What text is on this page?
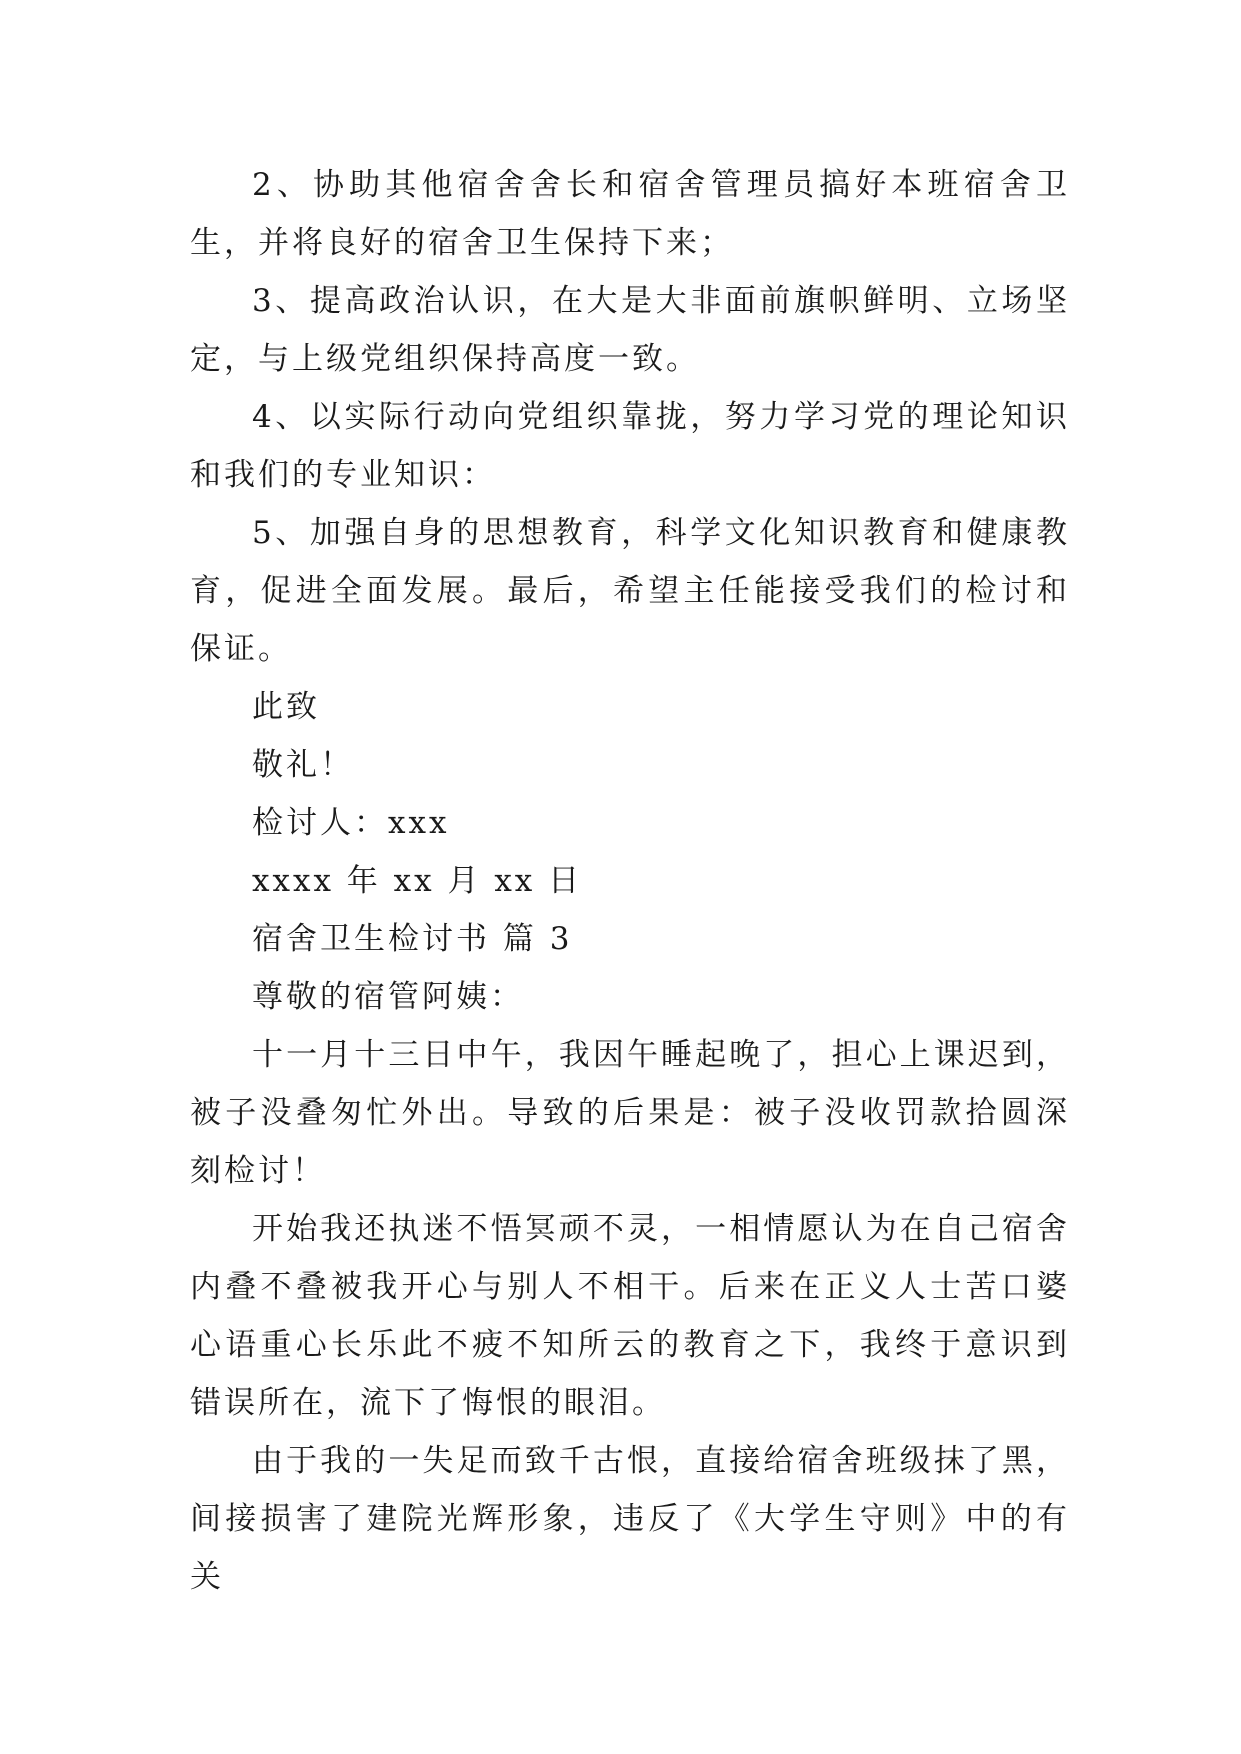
2、协助其他宿舍舍长和宿舍管理员搞好本班宿舍卫生，并将良好的宿舍卫生保持下来；

3、提高政治认识，在大是大非面前旗帜鲜明、立场坚定，与上级党组织保持高度一致。

4、以实际行动向党组织靠拢，努力学习党的理论知识和我们的专业知识：

5、加强自身的思想教育，科学文化知识教育和健康教育，促进全面发展。最后，希望主任能接受我们的检讨和保证。

此致

敬礼！

检讨人：xxx

xxxx 年 xx 月 xx 日

宿舍卫生检讨书 篇 3

尊敬的宿管阿姨：

十一月十三日中午，我因午睡起晚了，担心上课迟到，被子没叠匆忙外出。导致的后果是：被子没收罚款拾圆深刻检讨！

开始我还执迷不悟冥顽不灵，一相情愿认为在自己宿舍内叠不叠被我开心与别人不相干。后来在正义人士苦口婆心语重心长乐此不疲不知所云的教育之下，我终于意识到错误所在，流下了悔恨的眼泪。

由于我的一失足而致千古恨，直接给宿舍班级抹了黑，间接损害了建院光辉形象，违反了《大学生守则》中的有关
